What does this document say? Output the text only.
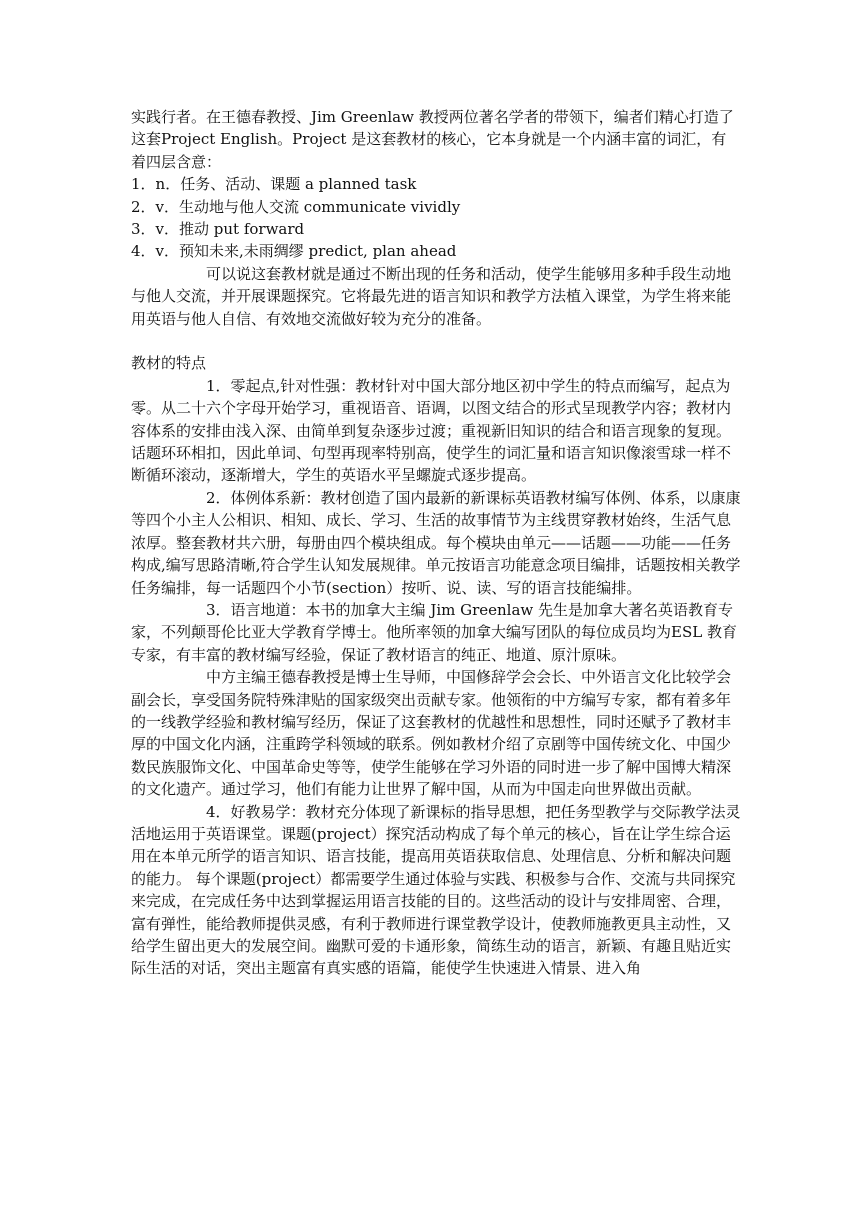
实践行者。在王德春教授、Jim Greenlaw 教授两位著名学者的带领下，编者们精心打造了这套Project English。Project 是这套教材的核心，它本身就是一个内涵丰富的词汇，有着四层含意：

1．n．任务、活动、课题 a planned task

2．v．生动地与他人交流 communicate vividly

3．v．推动 put forward

4．v．预知未来,未雨绸缪 predict, plan ahead

可以说这套教材就是通过不断出现的任务和活动，使学生能够用多种手段生动地与他人交流，并开展课题探究。它将最先进的语言知识和教学方法植入课堂，为学生将来能用英语与他人自信、有效地交流做好较为充分的准备。

教材的特点

1．零起点,针对性强：教材针对中国大部分地区初中学生的特点而编写，起点为零。从二十六个字母开始学习，重视语音、语调，以图文结合的形式呈现教学内容；教材内容体系的安排由浅入深、由简单到复杂逐步过渡；重视新旧知识的结合和语言现象的复现。话题环环相扣，因此单词、句型再现率特别高，使学生的词汇量和语言知识像滚雪球一样不断循环滚动，逐渐增大，学生的英语水平呈螺旋式逐步提高。

2．体例体系新：教材创造了国内最新的新课标英语教材编写体例、体系，以康康等四个小主人公相识、相知、成长、学习、生活的故事情节为主线贯穿教材始终，生活气息浓厚。整套教材共六册，每册由四个模块组成。每个模块由单元——话题——功能——任务构成,编写思路清晰,符合学生认知发展规律。单元按语言功能意念项目编排，话题按相关教学任务编排，每一话题四个小节(section）按听、说、读、写的语言技能编排。

3．语言地道：本书的加拿大主编 Jim Greenlaw 先生是加拿大著名英语教育专家，不列颠哥伦比亚大学教育学博士。他所率领的加拿大编写团队的每位成员均为ESL 教育专家，有丰富的教材编写经验，保证了教材语言的纯正、地道、原汁原味。

中方主编王德春教授是博士生导师，中国修辞学会会长、中外语言文化比较学会副会长，享受国务院特殊津贴的国家级突出贡献专家。他领衔的中方编写专家，都有着多年的一线教学经验和教材编写经历，保证了这套教材的优越性和思想性，同时还赋予了教材丰厚的中国文化内涵，注重跨学科领域的联系。例如教材介绍了京剧等中国传统文化、中国少数民族服饰文化、中国革命史等等，使学生能够在学习外语的同时进一步了解中国博大精深的文化遗产。通过学习，他们有能力让世界了解中国，从而为中国走向世界做出贡献。

4．好教易学：教材充分体现了新课标的指导思想，把任务型教学与交际教学法灵活地运用于英语课堂。课题(project）探究活动构成了每个单元的核心，旨在让学生综合运用在本单元所学的语言知识、语言技能，提高用英语获取信息、处理信息、分析和解决问题的能力。 每个课题(project）都需要学生通过体验与实践、积极参与合作、交流与共同探究来完成，在完成任务中达到掌握运用语言技能的目的。这些活动的设计与安排周密、合理，富有弹性，能给教师提供灵感，有利于教师进行课堂教学设计，使教师施教更具主动性，又给学生留出更大的发展空间。幽默可爱的卡通形象，简练生动的语言，新颖、有趣且贴近实际生活的对话，突出主题富有真实感的语篇，能使学生快速进入情景、进入角
